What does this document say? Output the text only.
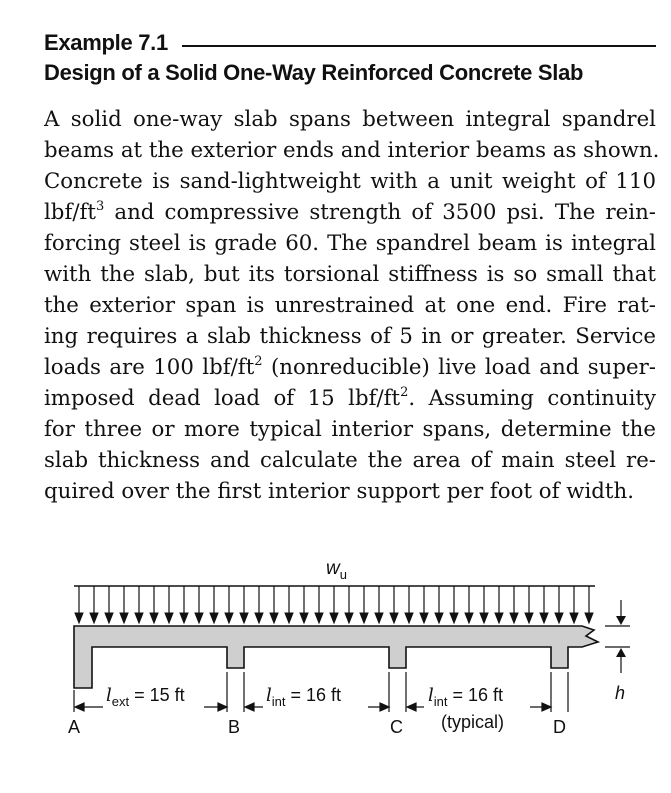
Example 7.1
Design of a Solid One-Way Reinforced Concrete Slab
A solid one-way slab spans between integral spandrel
beams at the exterior ends and interior beams as shown.
Concrete is sand-lightweight with a unit weight of 110
lbf/$ft^3$ and compressive strength of 3500 psi. The rein-
forcing steel is grade 60. The spandrel beam is integral
with the slab, but its torsional stiffness is so small that
the exterior span is unrestrained at one end. Fire rat-
ing requires a slab thickness of 5 in or greater. Service
loads are 100 lbf/$ft^2$ (nonreducible) live load and super-
imposed dead load of 15 lbf/$ft^2$. Assuming continuity
for three or more typical interior spans, determine the
slab thickness and calculate the area of main steel re-
quired over the first interior support per foot of width.
$w_u$
h
$l_{ext} = 15$ ft	$l_{int} = 16$ ft	$l_{int} = 16$ ft
(typical)
A	B	C	D
